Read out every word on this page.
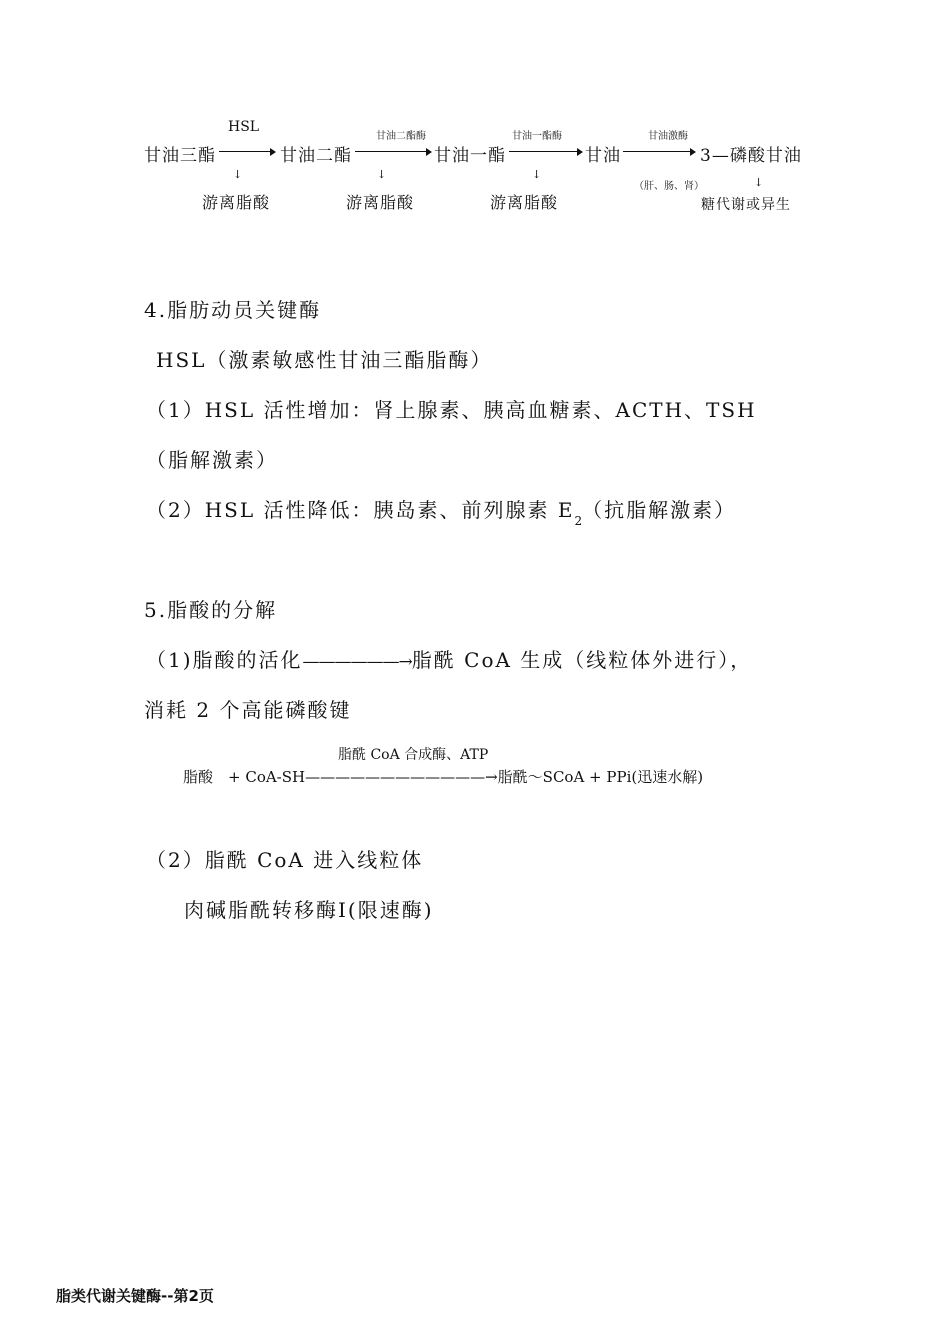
HSL
甘油二酯酶	甘油一酯酶	甘油激酶
甘油三酯	甘油二酯	甘油一酯	甘油	3—磷酸甘油
↓	↓	↓
（肝、肠、肾）	↓
游离脂酸	游离脂酸	游离脂酸	糖代谢或异生
4.脂肪动员关键酶
HSL（激素敏感性甘油三酯脂酶）
（1）HSL 活性增加：肾上腺素、胰高血糖素、ACTH、TSH
（脂解激素）
（2）HSL 活性降低：胰岛素、前列腺素 $E_2$（抗脂解激素）
5.脂酸的分解
（1)脂酸的活化——————→脂酰 CoA 生成（线粒体外进行），
消耗 2 个高能磷酸键
脂酰 CoA 合成酶、ATP
脂酸　+ CoA-SH————————————→脂酰～SCoA + PPi(迅速水解)
（2）脂酰 CoA 进入线粒体
肉碱脂酰转移酶Ⅰ(限速酶)
脂类代谢关键酶--第2页
